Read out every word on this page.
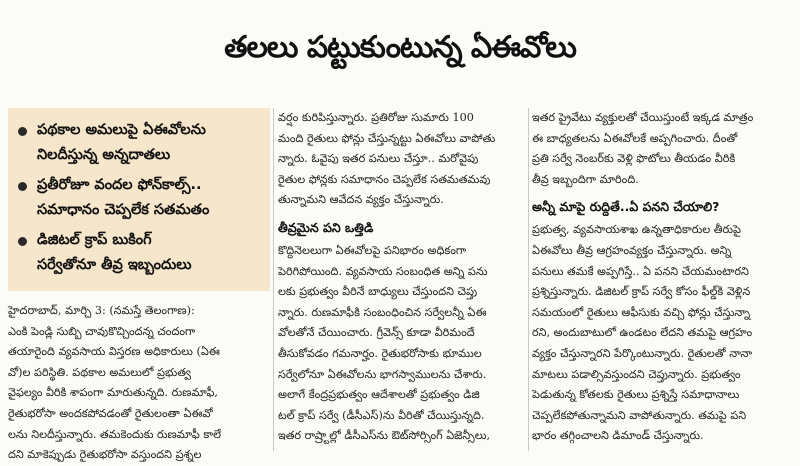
తలలు పట్టుకుంటున్న ఏఈవోలు
పథకాల అమలుపై ఏఈవోలను
నిలదీస్తున్న అన్నదాతలు
ప్రతీరోజూ వందల ఫోన్‌కాల్స్‌..
సమాధానం చెప్పలేక సతమతం
డిజిటల్‌ క్రాప్‌ బుకింగ్‌
సర్వేతోనూ తీవ్ర ఇబ్బందులు
హైదరాబాద్‌, మార్చి 3: (నమస్తే తెలంగాణ):
ఎంకి పెండ్లి సుబ్బి చావుకొచ్చిందన్న చందంగా
తయారైంది వ్యవసాయ విస్తరణ అధికారులు (ఏఈ
వో)ల పరిస్థితి. పథకాల అమలులో ప్రభుత్వ
వైఫల్యం వీరికి శాపంగా మారుతున్నది. రుణమాఫీ,
రైతుభరోసా అందకపోవడంతో రైతులంతా ఏఈవో
లను నిలదీస్తున్నారు. తమకెందుకు రుణమాఫీ కాలే
దని మాకెప్పుడు రైతుభరోసా వస్తుందని ప్రశ్నల
వర్షం కురిపిస్తున్నారు. ప్రతిరోజు సుమారు 100
మంది రైతులు ఫోన్లు చేస్తున్నట్టు ఏఈవోలు వాపోతు
న్నారు. ఓవైపు ఇతర పనులు చేస్తూ.. మరోవైపు
రైతుల ఫోన్లకు సమాధానం చెప్పలేక సతమతమవు
తున్నామని ఆవేదన వ్యక్తం చేస్తున్నారు.
తీవ్రమైన పని ఒత్తిడి
కొద్దినెలలుగా ఏఈవోలపై పనిభారం అధికంగా
పెరిగిపోయింది. వ్యవసాయ సంబంధిత అన్ని పను
లకు ప్రభుత్వం వీరినే బాధ్యులు చేస్తుందని చెప్తు
న్నారు. రుణమాఫీకి సంబంధించిన సర్వేలన్నీ ఏఈ
వోలతోనే చేయించారు. గ్రీవెన్స్‌ కూడా వీరిమందే
తీసుకోవడం గమనార్హం. రైతుభరోసాకు భూముల
సర్వేలోనూ ఏఈవోలను భాగస్వాములను చేశారు.
అలాగే కేంద్రప్రభుత్వం ఆదేశాలతో ప్రభుత్వం డిజి
టల్‌ క్రాప్‌ సర్వే (డీసీఎస్‌)ను వీరితో చేయిస్తున్నది.
ఇతర రాష్ర్టాల్లో డీసీఎస్‌ను ఔట్‌సోర్సింగ్‌ ఏజెన్సీలు,
ఇతర ప్రైవేటు వ్యక్తులతో చేయిస్తుంటే ఇక్కడ మాత్రం
ఈ బాధ్యతలను ఏఈవోలకే అప్పగించారు. దీంతో
ప్రతి సర్వే నెంబర్‌కు వెళ్లి ఫొటోలు తీయడం వీరికి
తీవ్ర ఇబ్బందిగా మారింది.
అన్నీ మాపై రుద్దితే..ఏ పనని చేయాలి?
ప్రభుత్వ, వ్యవసాయశాఖ ఉన్నతాధికారుల తీరుపై
ఏఈవోలు తీవ్ర ఆగ్రహంవ్యక్తం చేస్తున్నారు. అన్ని
పనులు తమకే అప్పగిస్తే.. ఏ పనని చేయమంటారని
ప్రశ్నిస్తున్నారు. డిజిటల్‌ క్రాప్‌ సర్వే కోసం ఫీల్డ్‌కి వెళ్లిన
సమయంలో రైతులు ఆఫీసుకు వచ్చి ఫోన్లు చేస్తున్నా
రని, అందుబాటులో ఉండటం లేదని తమపై ఆగ్రహం
వ్యక్తం చేస్తున్నారని పేర్కొంటున్నారు. రైతులతో నానా
మాటలు పడాల్సివస్తుందని చెప్తున్నారు. ప్రభుత్వం
పెడుతున్న కోతలకు రైతులు ప్రశ్నిస్తే సమాధానాలు
చెప్పలేకపోతున్నామని వాపోతున్నారు. తమపై పని
భారం తగ్గించాలని డిమాండ్‌ చేస్తున్నారు.
